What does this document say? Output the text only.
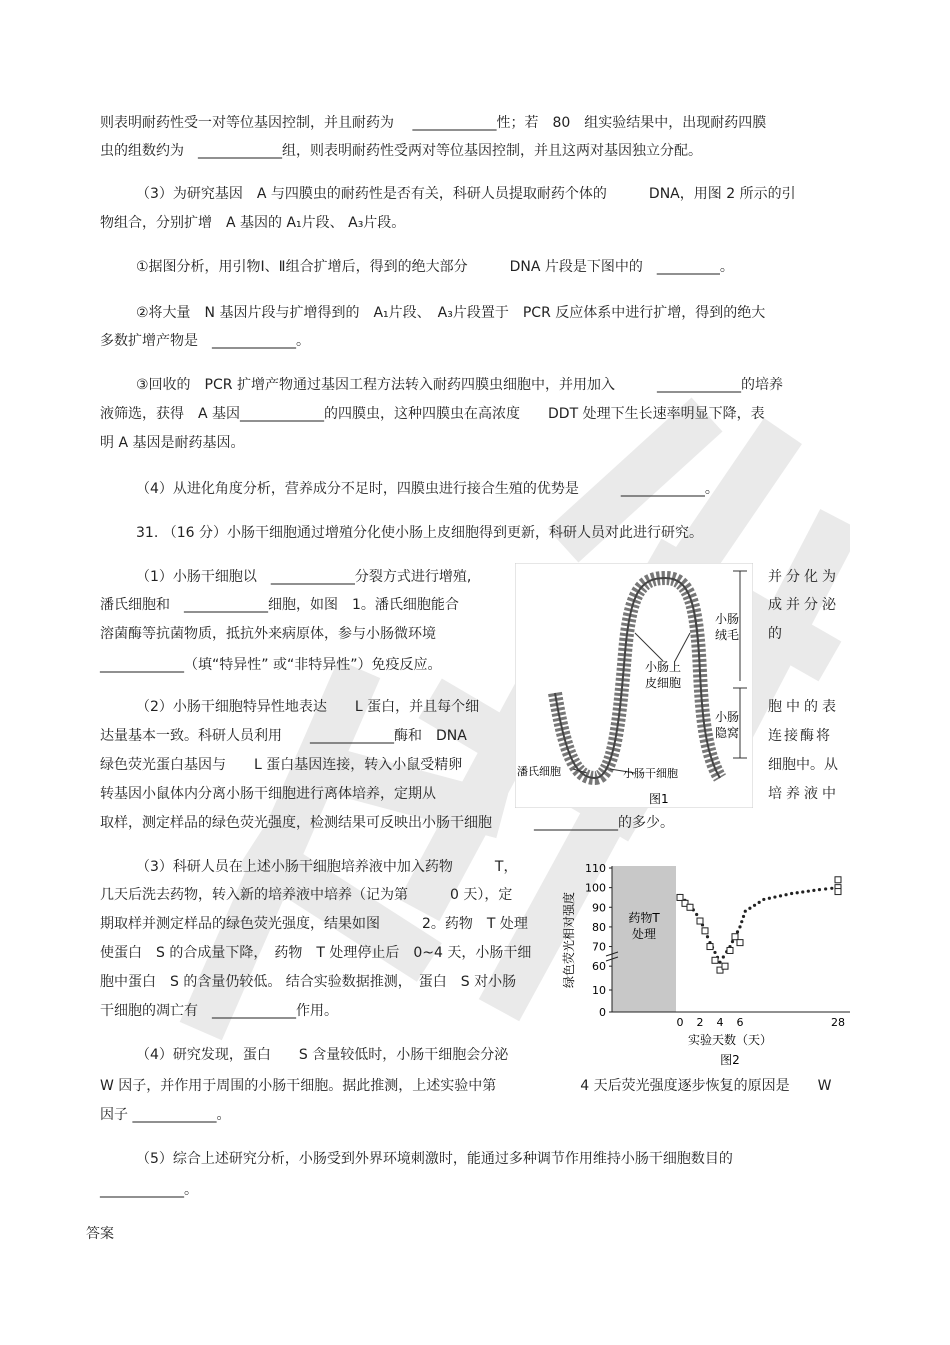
则表明耐药性受一对等位基因控制，并且耐药为　 ____________性；若　80　组实验结果中，出现耐药四膜
虫的组数约为　____________组，则表明耐药性受两对等位基因控制，并且这两对基因独立分配。
（3）为研究基因　A 与四膜虫的耐药性是否有关，科研人员提取耐药个体的　　　DNA，用图 2 所示的引
物组合，分别扩增　A 基因的 A₁片段、 A₃片段。
①据图分析，用引物Ⅰ、Ⅱ组合扩增后，得到的绝大部分　　　DNA 片段是下图中的　_________。
②将大量　N 基因片段与扩增得到的　A₁片段、　A₃片段置于　PCR 反应体系中进行扩增，得到的绝大
多数扩增产物是　____________。
③回收的　PCR 扩增产物通过基因工程方法转入耐药四膜虫细胞中，并用加入　　　____________的培养
液筛选，获得　A 基因____________的四膜虫，这种四膜虫在高浓度　　DDT 处理下生长速率明显下降，表
明 A 基因是耐药基因。
（4）从进化角度分析，营养成分不足时，四膜虫进行接合生殖的优势是　　　____________。
31. （16 分）小肠干细胞通过增殖分化使小肠上皮细胞得到更新，科研人员对此进行研究。
（1）小肠干细胞以　____________分裂方式进行增殖,
潘氏细胞和　____________细胞，如图　1。潘氏细胞能合
溶菌酶等抗菌物质，抵抗外来病原体，参与小肠微环境
____________（填“特异性” 或“非特异性”）免疫反应。
（2）小肠干细胞特异性地表达　　L 蛋白，并且每个细
达量基本一致。科研人员利用　　____________酶和　DNA
绿色荧光蛋白基因与　　L 蛋白基因连接，转入小鼠受精卵
转基因小鼠体内分离小肠干细胞进行离体培养，定期从
取样，测定样品的绿色荧光强度，检测结果可反映出小肠干细胞　　　____________的多少。
并分化为
成并分泌
的
胞中的表
连接酶将
细胞中。从
培养液中
（3）科研人员在上述小肠干细胞培养液中加入药物　　　T，
几天后洗去药物，转入新的培养液中培养（记为第　　　0 天），定
期取样并测定样品的绿色荧光强度，结果如图　　　2。药物　T 处理
使蛋白　S 的合成量下降，　药物　T 处理停止后　0~4 天，小肠干细
胞中蛋白　S 的含量仍较低。 结合实验数据推测，　蛋白　S 对小肠
干细胞的凋亡有　____________作用。
（4）研究发现，蛋白　　S 含量较低时，小肠干细胞会分泌
W 因子，并作用于周围的小肠干细胞。据此推测，上述实验中第　　　　　　4 天后荧光强度逐步恢复的原因是　　W
因子 ____________。
（5）综合上述研究分析，小肠受到外界环境刺激时，能通过多种调节作用维持小肠干细胞数目的
____________。
答案
小肠
绒毛
小肠上
皮细胞
小肠
隐窝
潘氏细胞	小肠干细胞
图1
药物T
处理
绿色荧光相对强度
实验天数（天）
图2
0
10
60
70
80
90
100
110
0 2 4 6	28
